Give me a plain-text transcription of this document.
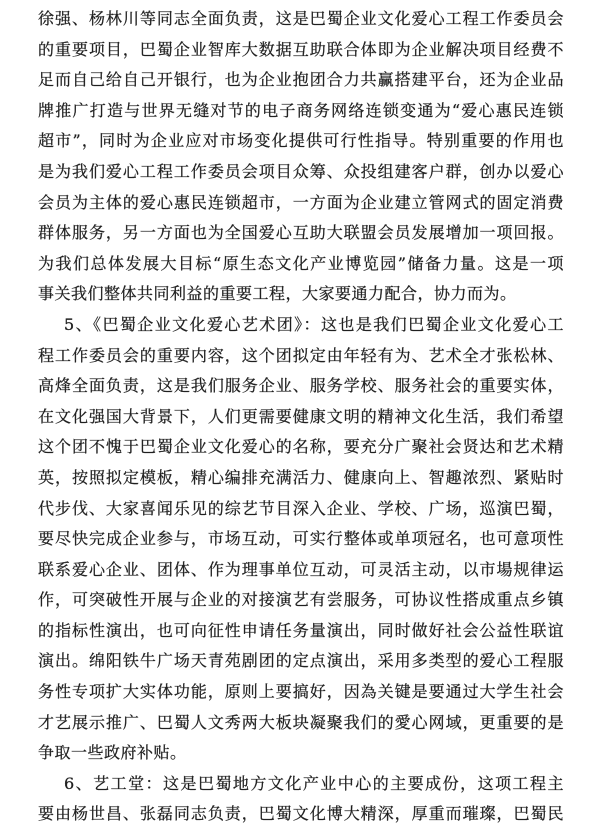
徐强、杨林川等同志全面负责，这是巴蜀企业文化爱心工程工作委员会
的重要项目，巴蜀企业智库大数据互助联合体即为企业解决项目经费不
足而自己给自己开银行，也为企业抱团合力共赢搭建平台，还为企业品
牌推广打造与世界无缝对节的电子商务网络连锁变通为“爱心惠民连锁
超市”，同时为企业应对市场变化提供可行性指导。特别重要的作用也
是为我们爱心工程工作委员会项目众筹、众投组建客户群，创办以爱心
会员为主体的爱心惠民连锁超市，一方面为企业建立管网式的固定消费
群体服务，另一方面也为全国爱心互助大联盟会员发展增加一项回报。
为我们总体发展大目标“原生态文化产业博览园”储备力量。这是一项
事关我们整体共同利益的重要工程，大家要通力配合，协力而为。
5、《巴蜀企业文化爱心艺术团》：这也是我们巴蜀企业文化爱心工
程工作委员会的重要内容，这个团拟定由年轻有为、艺术全才张松林、
高烽全面负责，这是我们服务企业、服务学校、服务社会的重要实体，
在文化强国大背景下，人们更需要健康文明的精神文化生活，我们希望
这个团不愧于巴蜀企业文化爱心的名称，要充分广聚社会贤达和艺术精
英，按照拟定模板，精心编排充满活力、健康向上、智趣浓烈、紧贴时
代步伐、大家喜闻乐见的综艺节目深入企业、学校、广场，巡演巴蜀，
要尽快完成企业参与，市场互动，可实行整体或单项冠名，也可意项性
联系爱心企业、团体、作为理事单位互动，可灵活主动，以市場规律运
作，可突破性开展与企业的对接演艺有尝服务，可协议性搭成重点乡镇
的指标性演出，也可向征性申请任务量演出，同时做好社会公益性联谊
演出。绵阳铁牛广场天青苑剧团的定点演出，采用多类型的爱心工程服
务性专项扩大实体功能，原则上要搞好，因為关键是要通过大学生社会
才艺展示推广、巴蜀人文秀两大板块凝聚我们的愛心网域，更重要的是
争取一些政府补贴。
6、艺工堂：这是巴蜀地方文化产业中心的主要成份，这项工程主
要由杨世昌、张磊同志负责，巴蜀文化博大精深，厚重而璀璨，巴蜀民
